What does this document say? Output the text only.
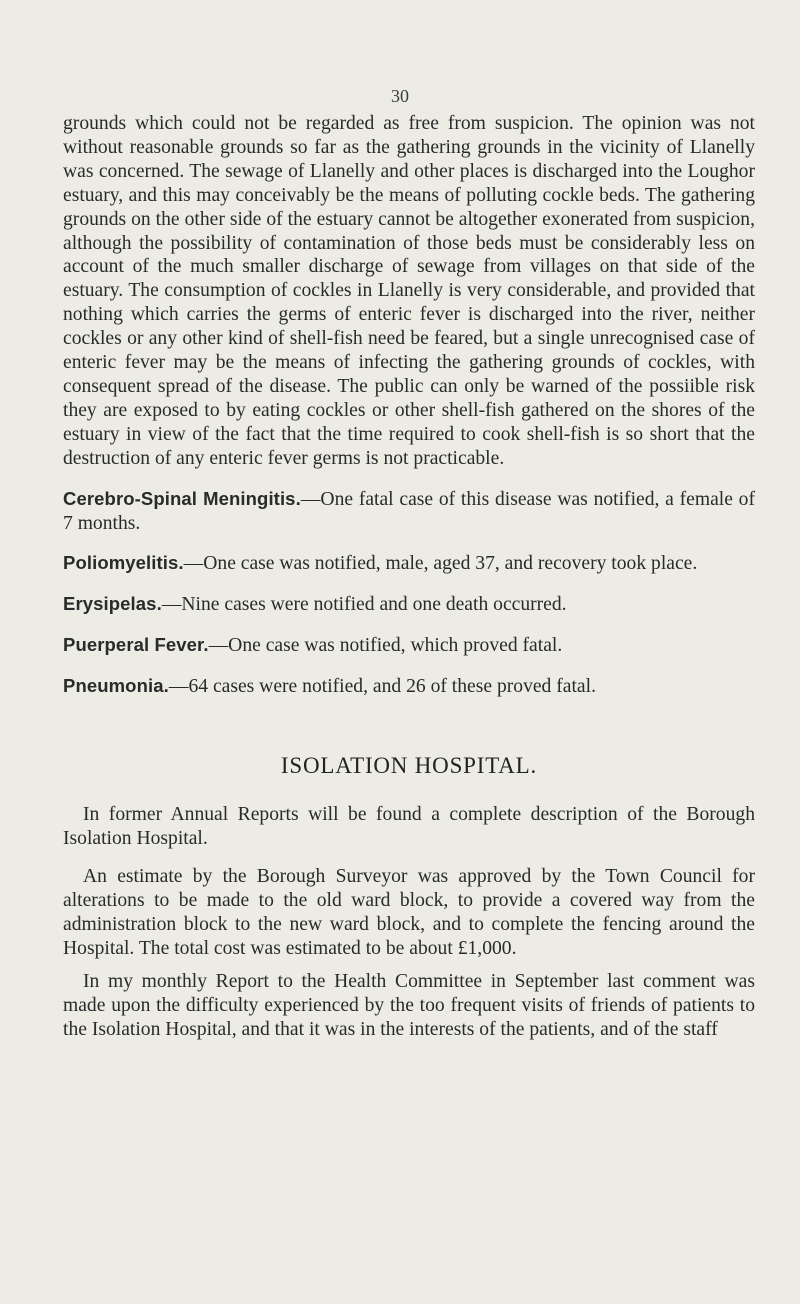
30

grounds which could not be regarded as free from suspicion. The opinion was not without reasonable grounds so far as the gathering grounds in the vicinity of Llanelly was concerned. The sewage of Llanelly and other places is discharged into the Loughor estuary, and this may conceivably be the means of polluting cockle beds. The gathering grounds on the other side of the estuary cannot be altogether exonerated from suspicion, although the possibility of contamination of those beds must be considerably less on account of the much smaller discharge of sewage from villages on that side of the estuary. The consumption of cockles in Llanelly is very considerable, and provided that nothing which carries the germs of enteric fever is discharged into the river, neither cockles or any other kind of shell-fish need be feared, but a single unrecognised case of enteric fever may be the means of infecting the gathering grounds of cockles, with consequent spread of the disease. The public can only be warned of the possiible risk they are exposed to by eating cockles or other shell-fish gathered on the shores of the estuary in view of the fact that the time required to cook shell-fish is so short that the destruction of any enteric fever germs is not practicable.

Cerebro-Spinal Meningitis.—One fatal case of this disease was notified, a female of 7 months.

Poliomyelitis.—One case was notified, male, aged 37, and recovery took place.

Erysipelas.—Nine cases were notified and one death occurred.

Puerperal Fever.—One case was notified, which proved fatal.

Pneumonia.—64 cases were notified, and 26 of these proved fatal.

ISOLATION HOSPITAL.

In former Annual Reports will be found a complete description of the Borough Isolation Hospital.

An estimate by the Borough Surveyor was approved by the Town Council for alterations to be made to the old ward block, to provide a covered way from the administration block to the new ward block, and to complete the fencing around the Hospital. The total cost was estimated to be about £1,000.

In my monthly Report to the Health Committee in September last comment was made upon the difficulty experienced by the too frequent visits of friends of patients to the Isolation Hospital, and that it was in the interests of the patients, and of the staff
